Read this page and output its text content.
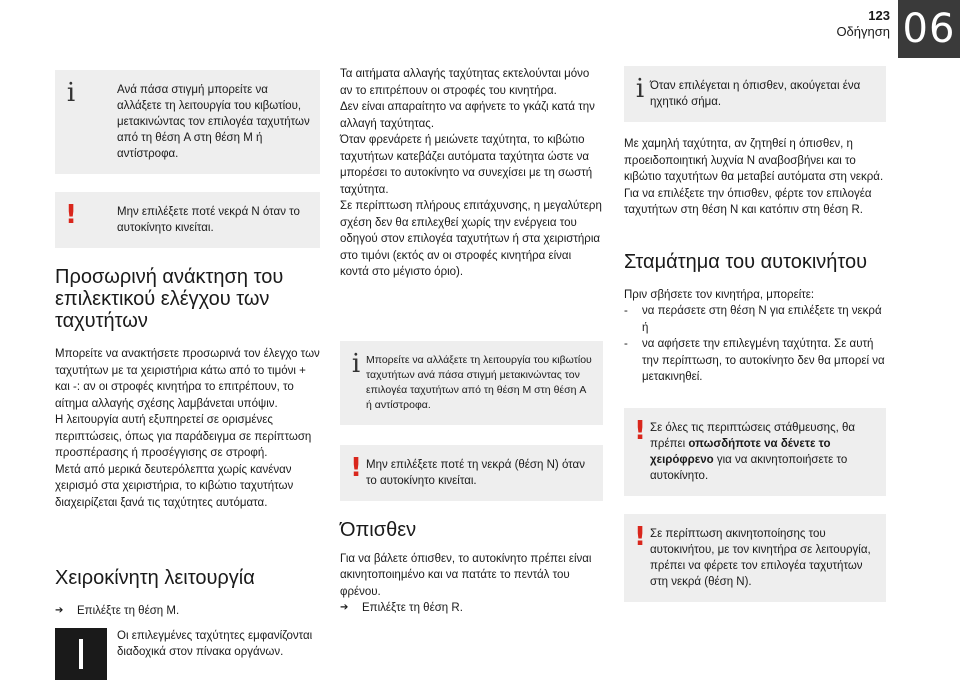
123
Οδήγηση 06
i	Ανά πάσα στιγμή μπορείτε να αλλάξετε τη λειτουργία του κιβωτίου, μετακινώντας τον επιλογέα ταχυτήτων από τη θέση A στη θέση M ή αντίστροφα.

!	Μην επιλέξετε ποτέ νεκρά N όταν το αυτοκίνητο κινείται.

Προσωρινή ανάκτηση του
επιλεκτικού ελέγχου των ταχυτήτων

Μπορείτε να ανακτήσετε προσωρινά τον έλεγχο των ταχυτήτων με τα χειριστήρια κάτω από το τιμόνι + και -: αν οι στροφές κινητήρα το επιτρέπουν, το αίτημα αλλαγής σχέσης λαμβάνεται υπόψιν.

Η λειτουργία αυτή εξυπηρετεί σε ορισμένες περιπτώσεις, όπως για παράδειγμα σε περίπτωση προσπέρασης ή προσέγγισης σε στροφή.

Μετά από μερικά δευτερόλεπτα χωρίς κανέναν χειρισμό στα χειριστήρια, το κιβώτιο ταχυτήτων διαχειρίζεται ξανά τις ταχύτητες αυτόματα.

Χειροκίνητη λειτουργία
➔ Επιλέξτε τη θέση M.

Οι επιλεγμένες ταχύτητες εμφανίζονται διαδοχικά στον πίνακα οργάνων.

Τα αιτήματα αλλαγής ταχύτητας εκτελούνται μόνο αν το επιτρέπουν οι στροφές του κινητήρα.

Δεν είναι απαραίτητο να αφήνετε το γκάζι κατά την αλλαγή ταχύτητας.

Όταν φρενάρετε ή μειώνετε ταχύτητα, το κιβώτιο ταχυτήτων κατεβάζει αυτόματα ταχύτητα ώστε να μπορέσει το αυτοκίνητο να συνεχίσει με τη σωστή ταχύτητα.

Σε περίπτωση πλήρους επιτάχυνσης, η μεγαλύτερη σχέση δεν θα επιλεχθεί χωρίς την ενέργεια του οδηγού στον επιλογέα ταχυτήτων ή στα χειριστήρια στο τιμόνι (εκτός αν οι στροφές κινητήρα είναι κοντά στο μέγιστο όριο).

i Μπορείτε να αλλάξετε τη λειτουργία του κιβωτίου ταχυτήτων ανά πάσα στιγμή μετακινώντας τον επιλογέα ταχυτήτων από τη θέση M στη θέση A ή αντίστροφα.

! Μην επιλέξετε ποτέ τη νεκρά (θέση N) όταν το αυτοκίνητο κινείται.

Όπισθεν

Για να βάλετε όπισθεν, το αυτοκίνητο πρέπει είναι ακινητοποιημένο και να πατάτε το πεντάλ του φρένου.

➔ Επιλέξτε τη θέση R.
i Όταν επιλέγεται η όπισθεν, ακούγεται ένα ηχητικό σήμα.

Με χαμηλή ταχύτητα, αν ζητηθεί η όπισθεν, η προειδοποιητική λυχνία N αναβοσβήνει και το κιβώτιο ταχυτήτων θα μεταβεί αυτόματα στη νεκρά.

Για να επιλέξετε την όπισθεν, φέρτε τον επιλογέα ταχυτήτων στη θέση N και κατόπιν στη θέση R.

Σταμάτημα του αυτοκινήτου

Πριν σβήσετε τον κινητήρα, μπορείτε:

- να περάσετε στη θέση N για επιλέξετε τη νεκρά ή
- να αφήσετε την επιλεγμένη ταχύτητα. Σε αυτή την περίπτωση, το αυτοκίνητο δεν θα μπορεί να μετακινηθεί.
! Σε όλες τις περιπτώσεις στάθμευσης, θα πρέπει οπωσδήποτε να δένετε το χειρόφρενο για να ακινητοποιήσετε το αυτοκίνητο.

! Σε περίπτωση ακινητοποίησης του αυτοκινήτου, με τον κινητήρα σε λειτουργία, πρέπει να φέρετε τον επιλογέα ταχυτήτων στη νεκρά (θέση N).
